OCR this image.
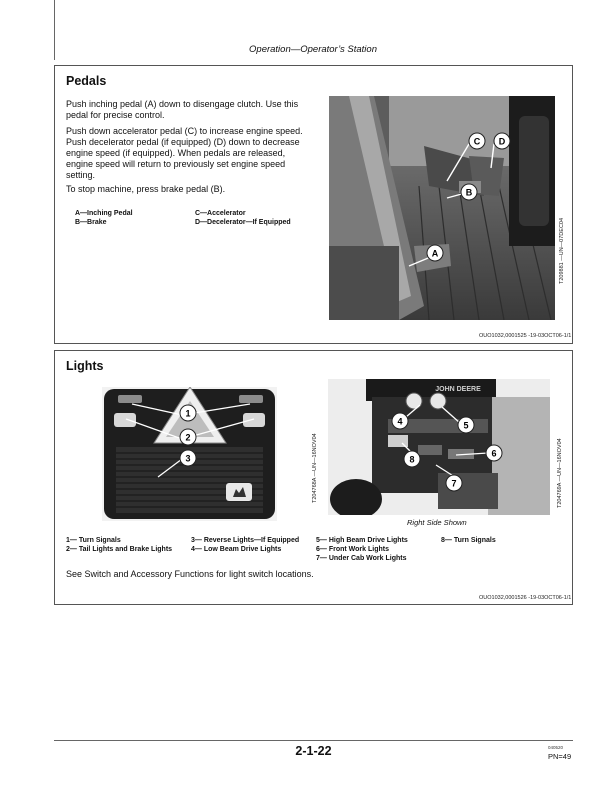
Operation—Operator’s Station
Pedals
Push inching pedal (A) down to disengage clutch. Use this pedal for precise control.
Push down accelerator pedal (C) to increase engine speed. Push decelerator pedal (if equipped) (D) down to decrease engine speed (if equipped). When pedals are released, engine speed will return to previously set engine speed setting.
To stop machine, press brake pedal (B).
A—Inching Pedal
B—Brake
C—Accelerator
D—Decelerator—If Equipped
C D
B
A	T209881 —UN—07DEC04
OUO1032,0001525 -19-03OCT06-1/1
Lights
1
2
3	T204768A —UN—16NOV04
JOHN DEERE
4	5
6
7
8	T204769A —UN—16NOV04
Right Side Shown
1— Turn Signals
2— Tail Lights and Brake Lights
3— Reverse Lights—If Equipped
4— Low Beam Drive Lights
5— High Beam Drive Lights
6— Front Work Lights
7— Under Cab Work Lights
8— Turn Signals
See Switch and Accessory Functions for light switch locations.
OUO1032,0001526 -19-03OCT06-1/1
2-1-22	040520
PN=49
